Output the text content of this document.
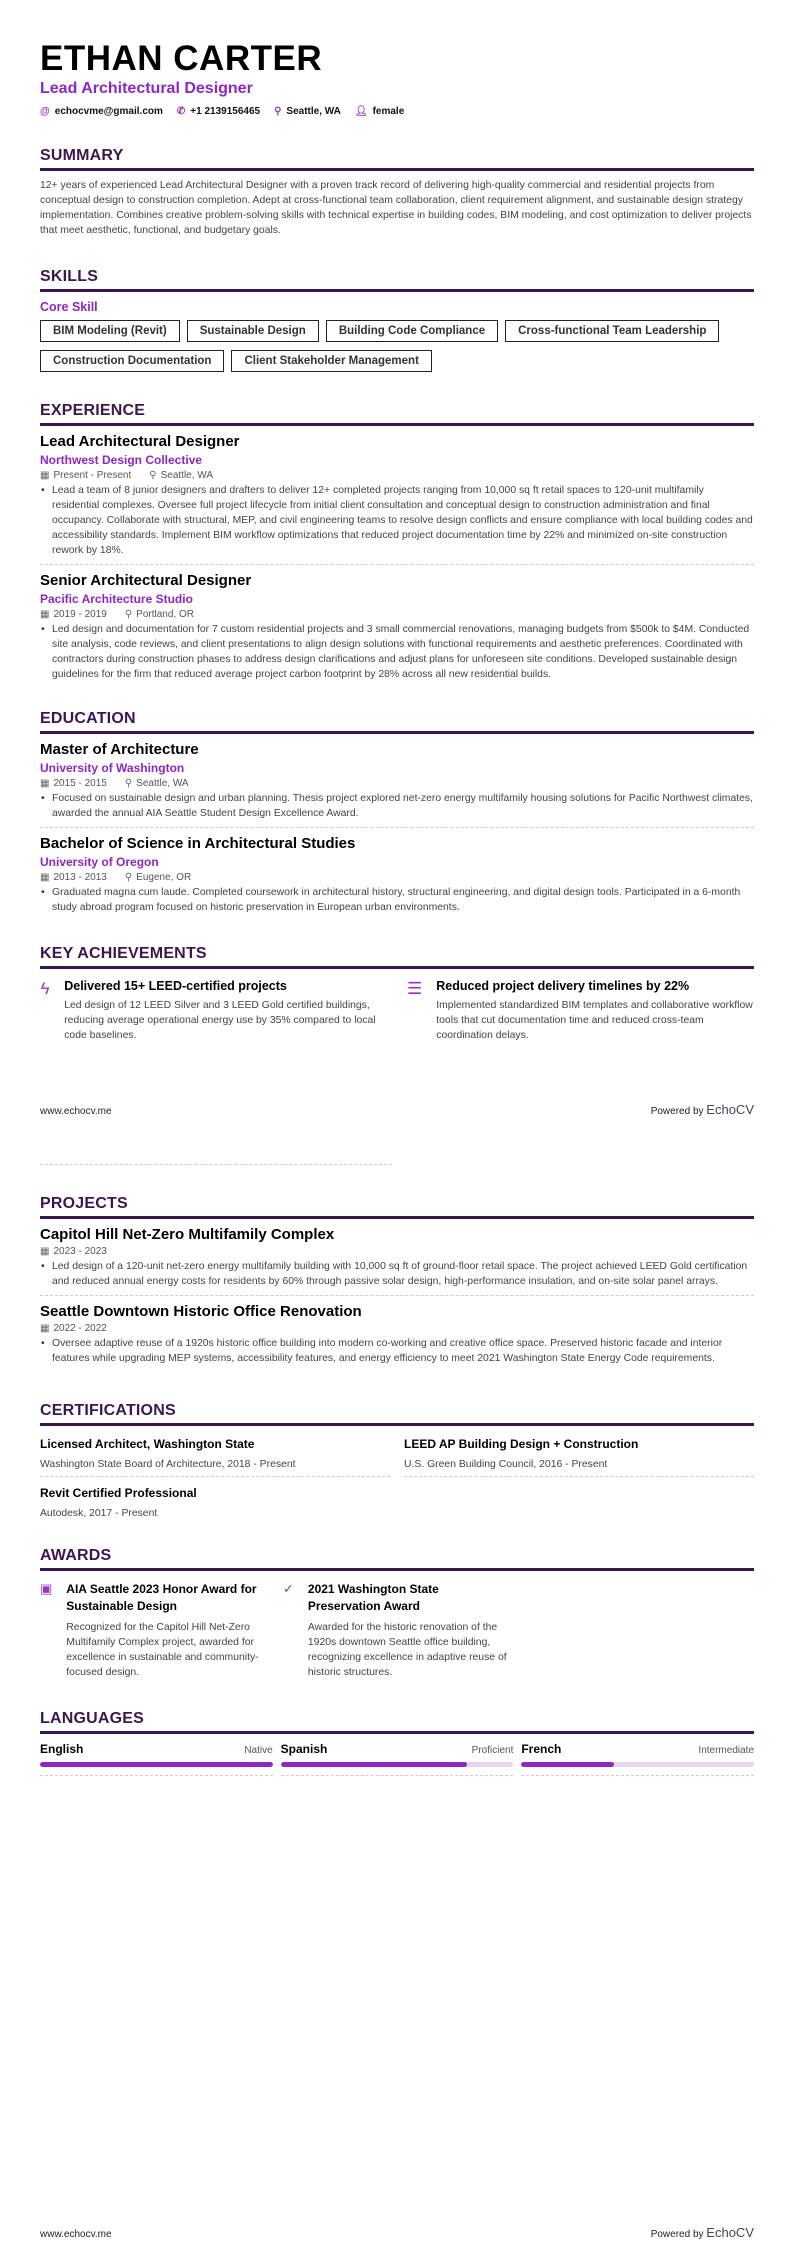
ETHAN CARTER
Lead Architectural Designer
@ echocvme@gmail.com ✆ +1 2139156465 ⚲ Seattle, WA 👤︎ female
SUMMARY

12+ years of experienced Lead Architectural Designer with a proven track record of delivering high-quality commercial and residential projects from conceptual design to construction completion. Adept at cross-functional team collaboration, client requirement alignment, and sustainable design strategy implementation. Combines creative problem-solving skills with technical expertise in building codes, BIM modeling, and cost optimization to deliver projects that meet aesthetic, functional, and budgetary goals.

SKILLS
Core Skill
BIM Modeling (Revit)	Sustainable Design	Building Code Compliance	Cross-functional Team Leadership
Construction Documentation	Client Stakeholder Management
EXPERIENCE
Lead Architectural Designer
Northwest Design Collective
▦ Present - Present ⚲ Seattle, WA
• Lead a team of 8 junior designers and drafters to deliver 12+ completed projects ranging from 10,000 sq ft retail spaces to 120-unit multifamily residential complexes. Oversee full project lifecycle from initial client consultation and conceptual design to construction administration and final occupancy. Collaborate with structural, MEP, and civil engineering teams to resolve design conflicts and ensure compliance with local building codes and accessibility standards. Implement BIM workflow optimizations that reduced project documentation time by 22% and minimized on-site construction rework by 18%.
Senior Architectural Designer
Pacific Architecture Studio
▦ 2019 - 2019 ⚲ Portland, OR
• Led design and documentation for 7 custom residential projects and 3 small commercial renovations, managing budgets from $500k to $4M. Conducted site analysis, code reviews, and client presentations to align design solutions with functional requirements and aesthetic preferences. Coordinated with contractors during construction phases to address design clarifications and adjust plans for unforeseen site conditions. Developed sustainable design guidelines for the firm that reduced average project carbon footprint by 28% across all new residential builds.
EDUCATION
Master of Architecture
University of Washington
▦ 2015 - 2015 ⚲ Seattle, WA
• Focused on sustainable design and urban planning. Thesis project explored net-zero energy multifamily housing solutions for Pacific Northwest climates, awarded the annual AIA Seattle Student Design Excellence Award.
Bachelor of Science in Architectural Studies
University of Oregon
▦ 2013 - 2013 ⚲ Eugene, OR
• Graduated magna cum laude. Completed coursework in architectural history, structural engineering, and digital design tools. Participated in a 6-month study abroad program focused on historic preservation in European urban environments.
KEY ACHIEVEMENTS
ϟ Delivered 15+ LEED-certified projects

Led design of 12 LEED Silver and 3 LEED Gold certified buildings, reducing average operational energy use by 35% compared to local code baselines.

☰ Reduced project delivery timelines by 22%

Implemented standardized BIM templates and collaborative workflow tools that cut documentation time and reduced cross-team coordination delays.

www.echocv.me	Powered by EchoCV
PROJECTS
Capitol Hill Net-Zero Multifamily Complex
▦ 2023 - 2023
• Led design of a 120-unit net-zero energy multifamily building with 10,000 sq ft of ground-floor retail space. The project achieved LEED Gold certification and reduced annual energy costs for residents by 60% through passive solar design, high-performance insulation, and on-site solar panel arrays.
Seattle Downtown Historic Office Renovation
▦ 2022 - 2022
• Oversee adaptive reuse of a 1920s historic office building into modern co-working and creative office space. Preserved historic facade and interior features while upgrading MEP systems, accessibility features, and energy efficiency to meet 2021 Washington State Energy Code requirements.
CERTIFICATIONS
Licensed Architect, Washington State
Washington State Board of Architecture, 2018 - Present
LEED AP Building Design + Construction
U.S. Green Building Council, 2016 - Present
Revit Certified Professional
Autodesk, 2017 - Present
AWARDS
▣ AIA Seattle 2023 Honor Award for Sustainable Design

Recognized for the Capitol Hill Net-Zero Multifamily Complex project, awarded for excellence in sustainable and community-focused design.

✓ 2021 Washington State Preservation Award

Awarded for the historic renovation of the 1920s downtown Seattle office building, recognizing excellence in adaptive reuse of historic structures.

LANGUAGES
English	Native Spanish	Proficient French	Intermediate
www.echocv.me	Powered by EchoCV
